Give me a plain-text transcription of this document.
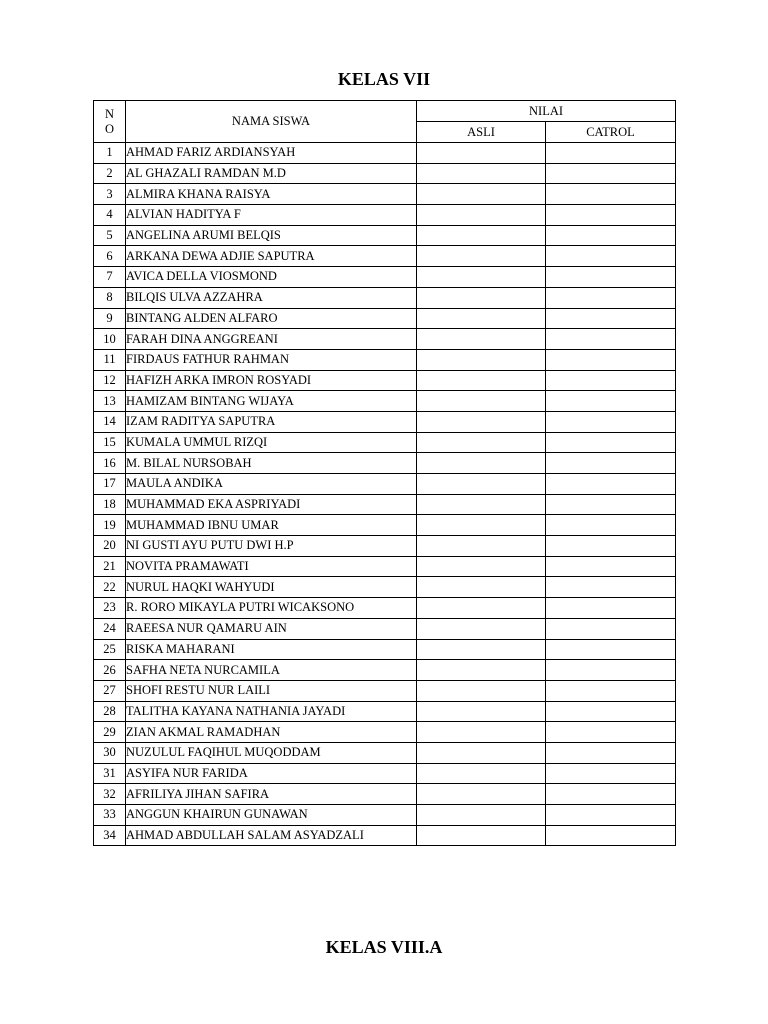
KELAS VII
N
O	NAMA SISWA	NILAI	
		ASLI	CATROL
1	AHMAD FARIZ ARDIANSYAH		
2	AL GHAZALI RAMDAN M.D		
3	ALMIRA KHANA RAISYA		
4	ALVIAN HADITYA F		
5	ANGELINA ARUMI BELQIS		
6	ARKANA DEWA ADJIE SAPUTRA		
7	AVICA DELLA VIOSMOND		
8	BILQIS ULVA AZZAHRA		
9	BINTANG ALDEN ALFARO		
10	FARAH DINA ANGGREANI		
11	FIRDAUS FATHUR RAHMAN		
12	HAFIZH ARKA IMRON ROSYADI		
13	HAMIZAM BINTANG WIJAYA		
14	IZAM RADITYA SAPUTRA		
15	KUMALA UMMUL RIZQI		
16	M. BILAL NURSOBAH		
17	MAULA ANDIKA		
18	MUHAMMAD EKA ASPRIYADI		
19	MUHAMMAD IBNU UMAR		
20	NI GUSTI AYU PUTU DWI H.P		
21	NOVITA PRAMAWATI		
22	NURUL HAQKI WAHYUDI		
23	R. RORO MIKAYLA PUTRI WICAKSONO		
24	RAEESA NUR QAMARU AIN		
25	RISKA MAHARANI		
26	SAFHA NETA NURCAMILA		
27	SHOFI RESTU NUR LAILI		
28	TALITHA KAYANA NATHANIA JAYADI		
29	ZIAN AKMAL RAMADHAN		
30	NUZULUL FAQIHUL MUQODDAM		
31	ASYIFA NUR FARIDA		
32	AFRILIYA JIHAN SAFIRA		
33	ANGGUN KHAIRUN GUNAWAN		
34	AHMAD ABDULLAH SALAM ASYADZALI		
KELAS VIII.A
